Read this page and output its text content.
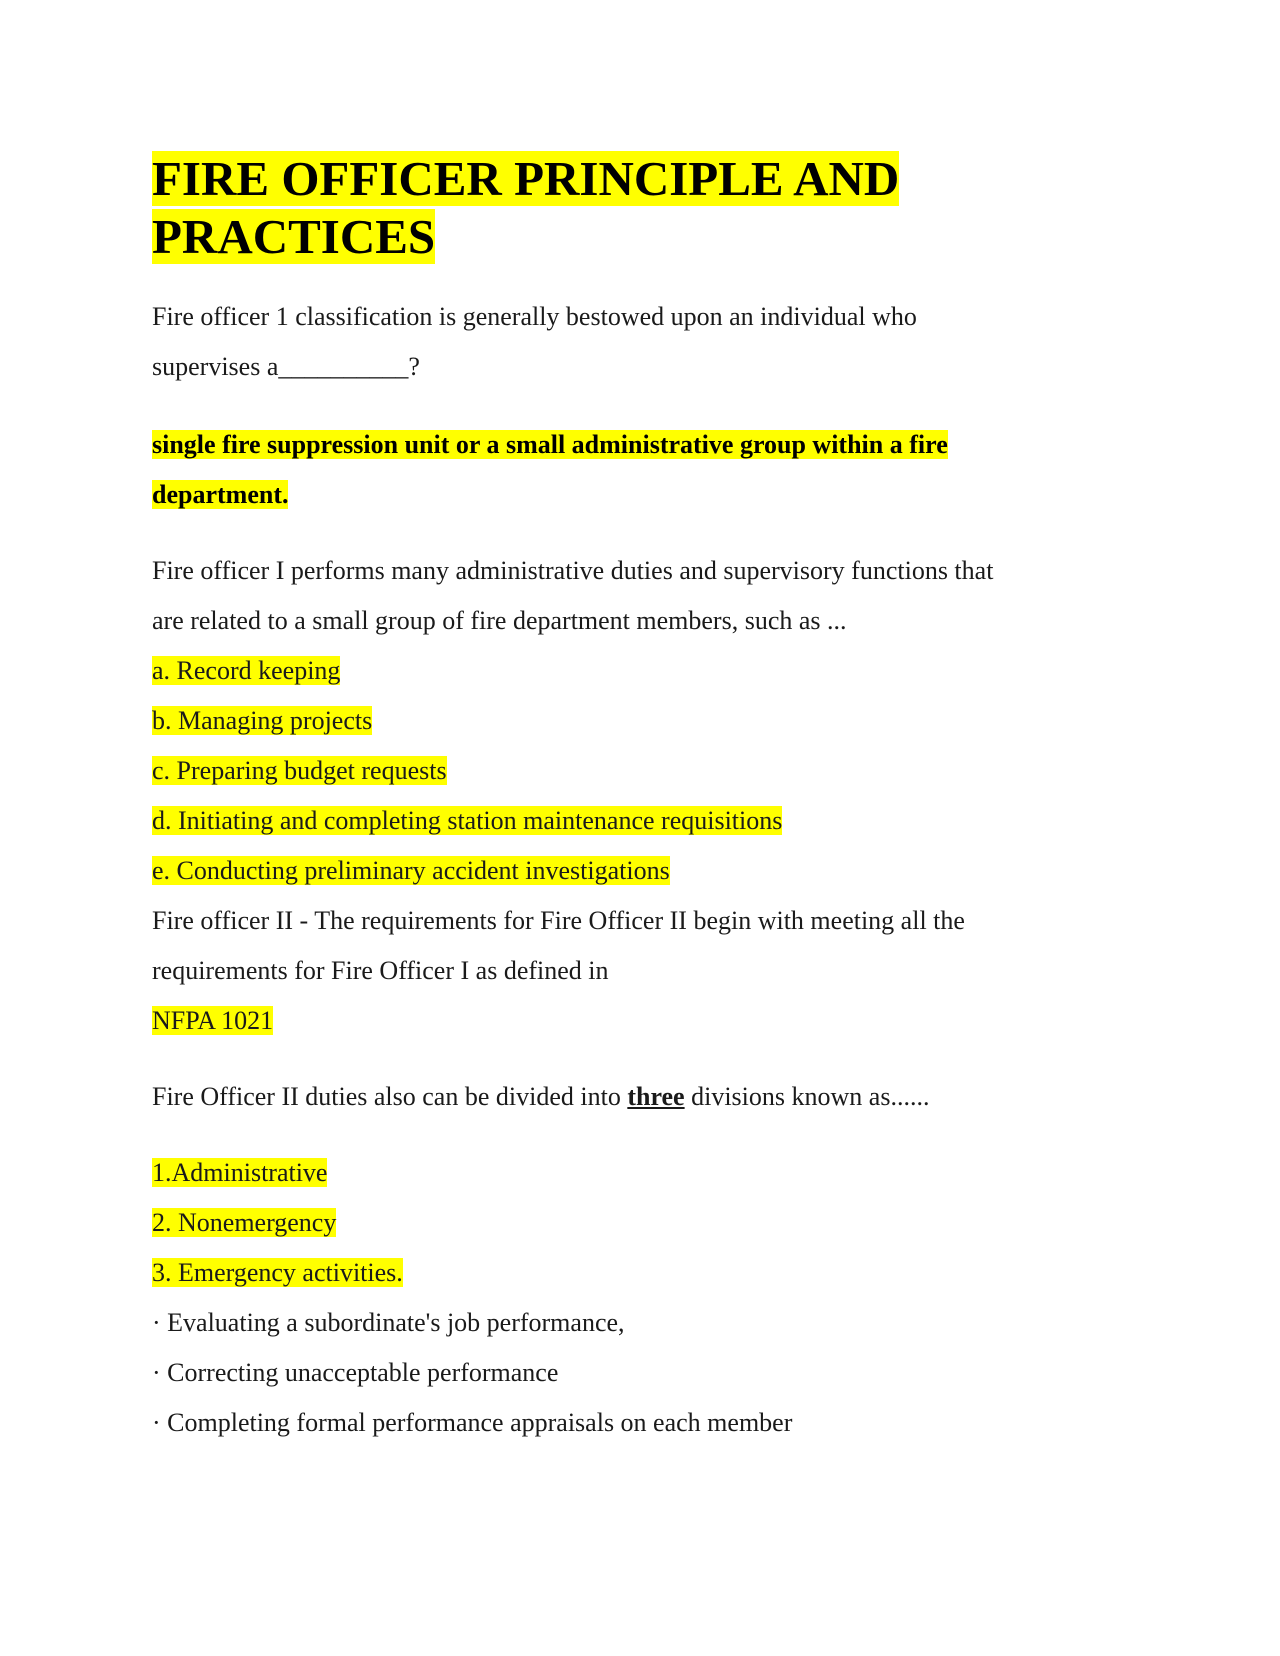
FIRE OFFICER PRINCIPLE AND
PRACTICES

Fire officer 1 classification is generally bestowed upon an individual who
supervises a__________?

single fire suppression unit or a small administrative group within a fire
department.

Fire officer I performs many administrative duties and supervisory functions that
are related to a small group of fire department members, such as ...

a. Record keeping

b. Managing projects

c. Preparing budget requests

d. Initiating and completing station maintenance requisitions

e. Conducting preliminary accident investigations

Fire officer II - The requirements for Fire Officer II begin with meeting all the
requirements for Fire Officer I as defined in

NFPA 1021

Fire Officer II duties also can be divided into three divisions known as......

1.Administrative

2. Nonemergency

3. Emergency activities.

· Evaluating a subordinate's job performance,

· Correcting unacceptable performance

· Completing formal performance appraisals on each member
